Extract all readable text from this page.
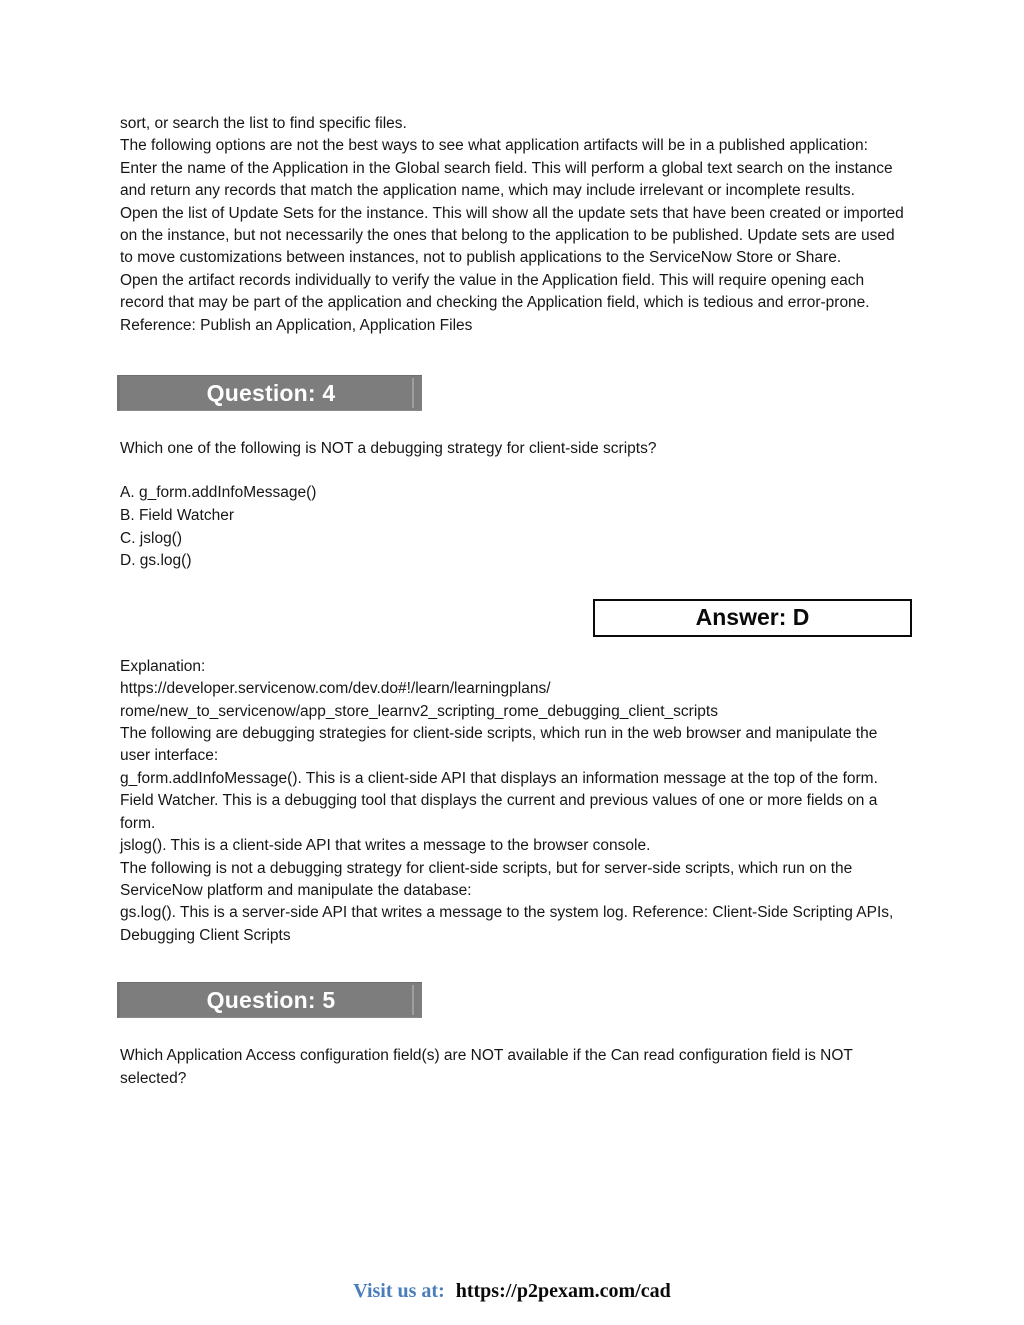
sort, or search the list to find specific files.
The following options are not the best ways to see what application artifacts will be in a published application:
Enter the name of the Application in the Global search field. This will perform a global text search on the instance and return any records that match the application name, which may include irrelevant or incomplete results.
Open the list of Update Sets for the instance. This will show all the update sets that have been created or imported on the instance, but not necessarily the ones that belong to the application to be published. Update sets are used to move customizations between instances, not to publish applications to the ServiceNow Store or Share.
Open the artifact records individually to verify the value in the Application field. This will require opening each record that may be part of the application and checking the Application field, which is tedious and error-prone. Reference: Publish an Application, Application Files
Question: 4
Which one of the following is NOT a debugging strategy for client-side scripts?
A. g_form.addInfoMessage()
B. Field Watcher
C. jslog()
D. gs.log()
Answer: D
Explanation:
https://developer.servicenow.com/dev.do#!/learn/learningplans/
rome/new_to_servicenow/app_store_learnv2_scripting_rome_debugging_client_scripts
The following are debugging strategies for client-side scripts, which run in the web browser and manipulate the user interface:
g_form.addInfoMessage(). This is a client-side API that displays an information message at the top of the form.
Field Watcher. This is a debugging tool that displays the current and previous values of one or more fields on a form.
jslog(). This is a client-side API that writes a message to the browser console.
The following is not a debugging strategy for client-side scripts, but for server-side scripts, which run on the ServiceNow platform and manipulate the database:
gs.log(). This is a server-side API that writes a message to the system log. Reference: Client-Side Scripting APIs, Debugging Client Scripts
Question: 5
Which Application Access configuration field(s) are NOT available if the Can read configuration field is NOT selected?
Visit us at: https://p2pexam.com/cad
